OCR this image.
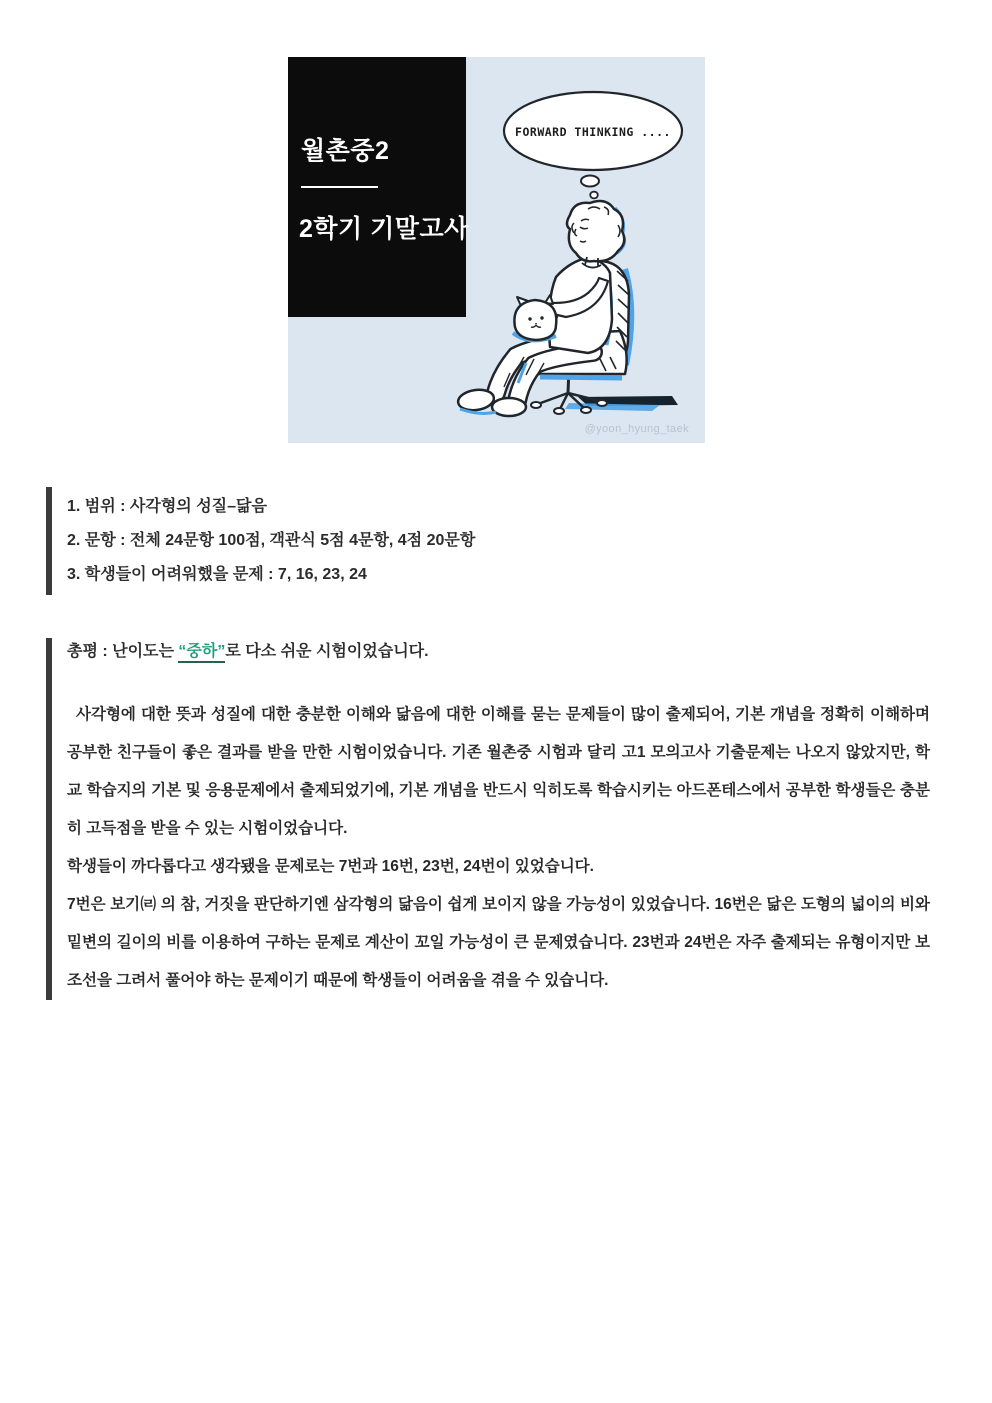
FORWARD THINKING ....
@yoon_hyung_taek
월촌중2
2학기 기말고사
1. 범위 : 사각형의 성질–닮음
2. 문항 : 전체 24문항 100점, 객관식 5점 4문항, 4점 20문항
3. 학생들이 어려워했을 문제 : 7, 16, 23, 24
총평 : 난이도는 “중하”로 다소 쉬운 시험이었습니다.
사각형에 대한 뜻과 성질에 대한 충분한 이해와 닮음에 대한 이해를 묻는 문제들이 많이 출제되어, 기본 개념을 정확히 이해하며 공부한 친구들이 좋은 결과를 받을 만한 시험이었습니다. 기존 월촌중 시험과 달리 고1 모의고사 기출문제는 나오지 않았지만, 학교 학습지의 기본 및 응용문제에서 출제되었기에, 기본 개념을 반드시 익히도록 학습시키는 아드폰테스에서 공부한 학생들은 충분히 고득점을 받을 수 있는 시험이었습니다.
학생들이 까다롭다고 생각됐을 문제로는 7번과 16번, 23번, 24번이 있었습니다.
7번은 보기㈃ 의 참, 거짓을 판단하기엔 삼각형의 닮음이 쉽게 보이지 않을 가능성이 있었습니다. 16번은 닮은 도형의 넓이의 비와 밑변의 길이의 비를 이용하여 구하는 문제로 계산이 꼬일 가능성이 큰 문제였습니다. 23번과 24번은 자주 출제되는 유형이지만 보조선을 그려서 풀어야 하는 문제이기 때문에 학생들이 어려움을 겪을 수 있습니다.
